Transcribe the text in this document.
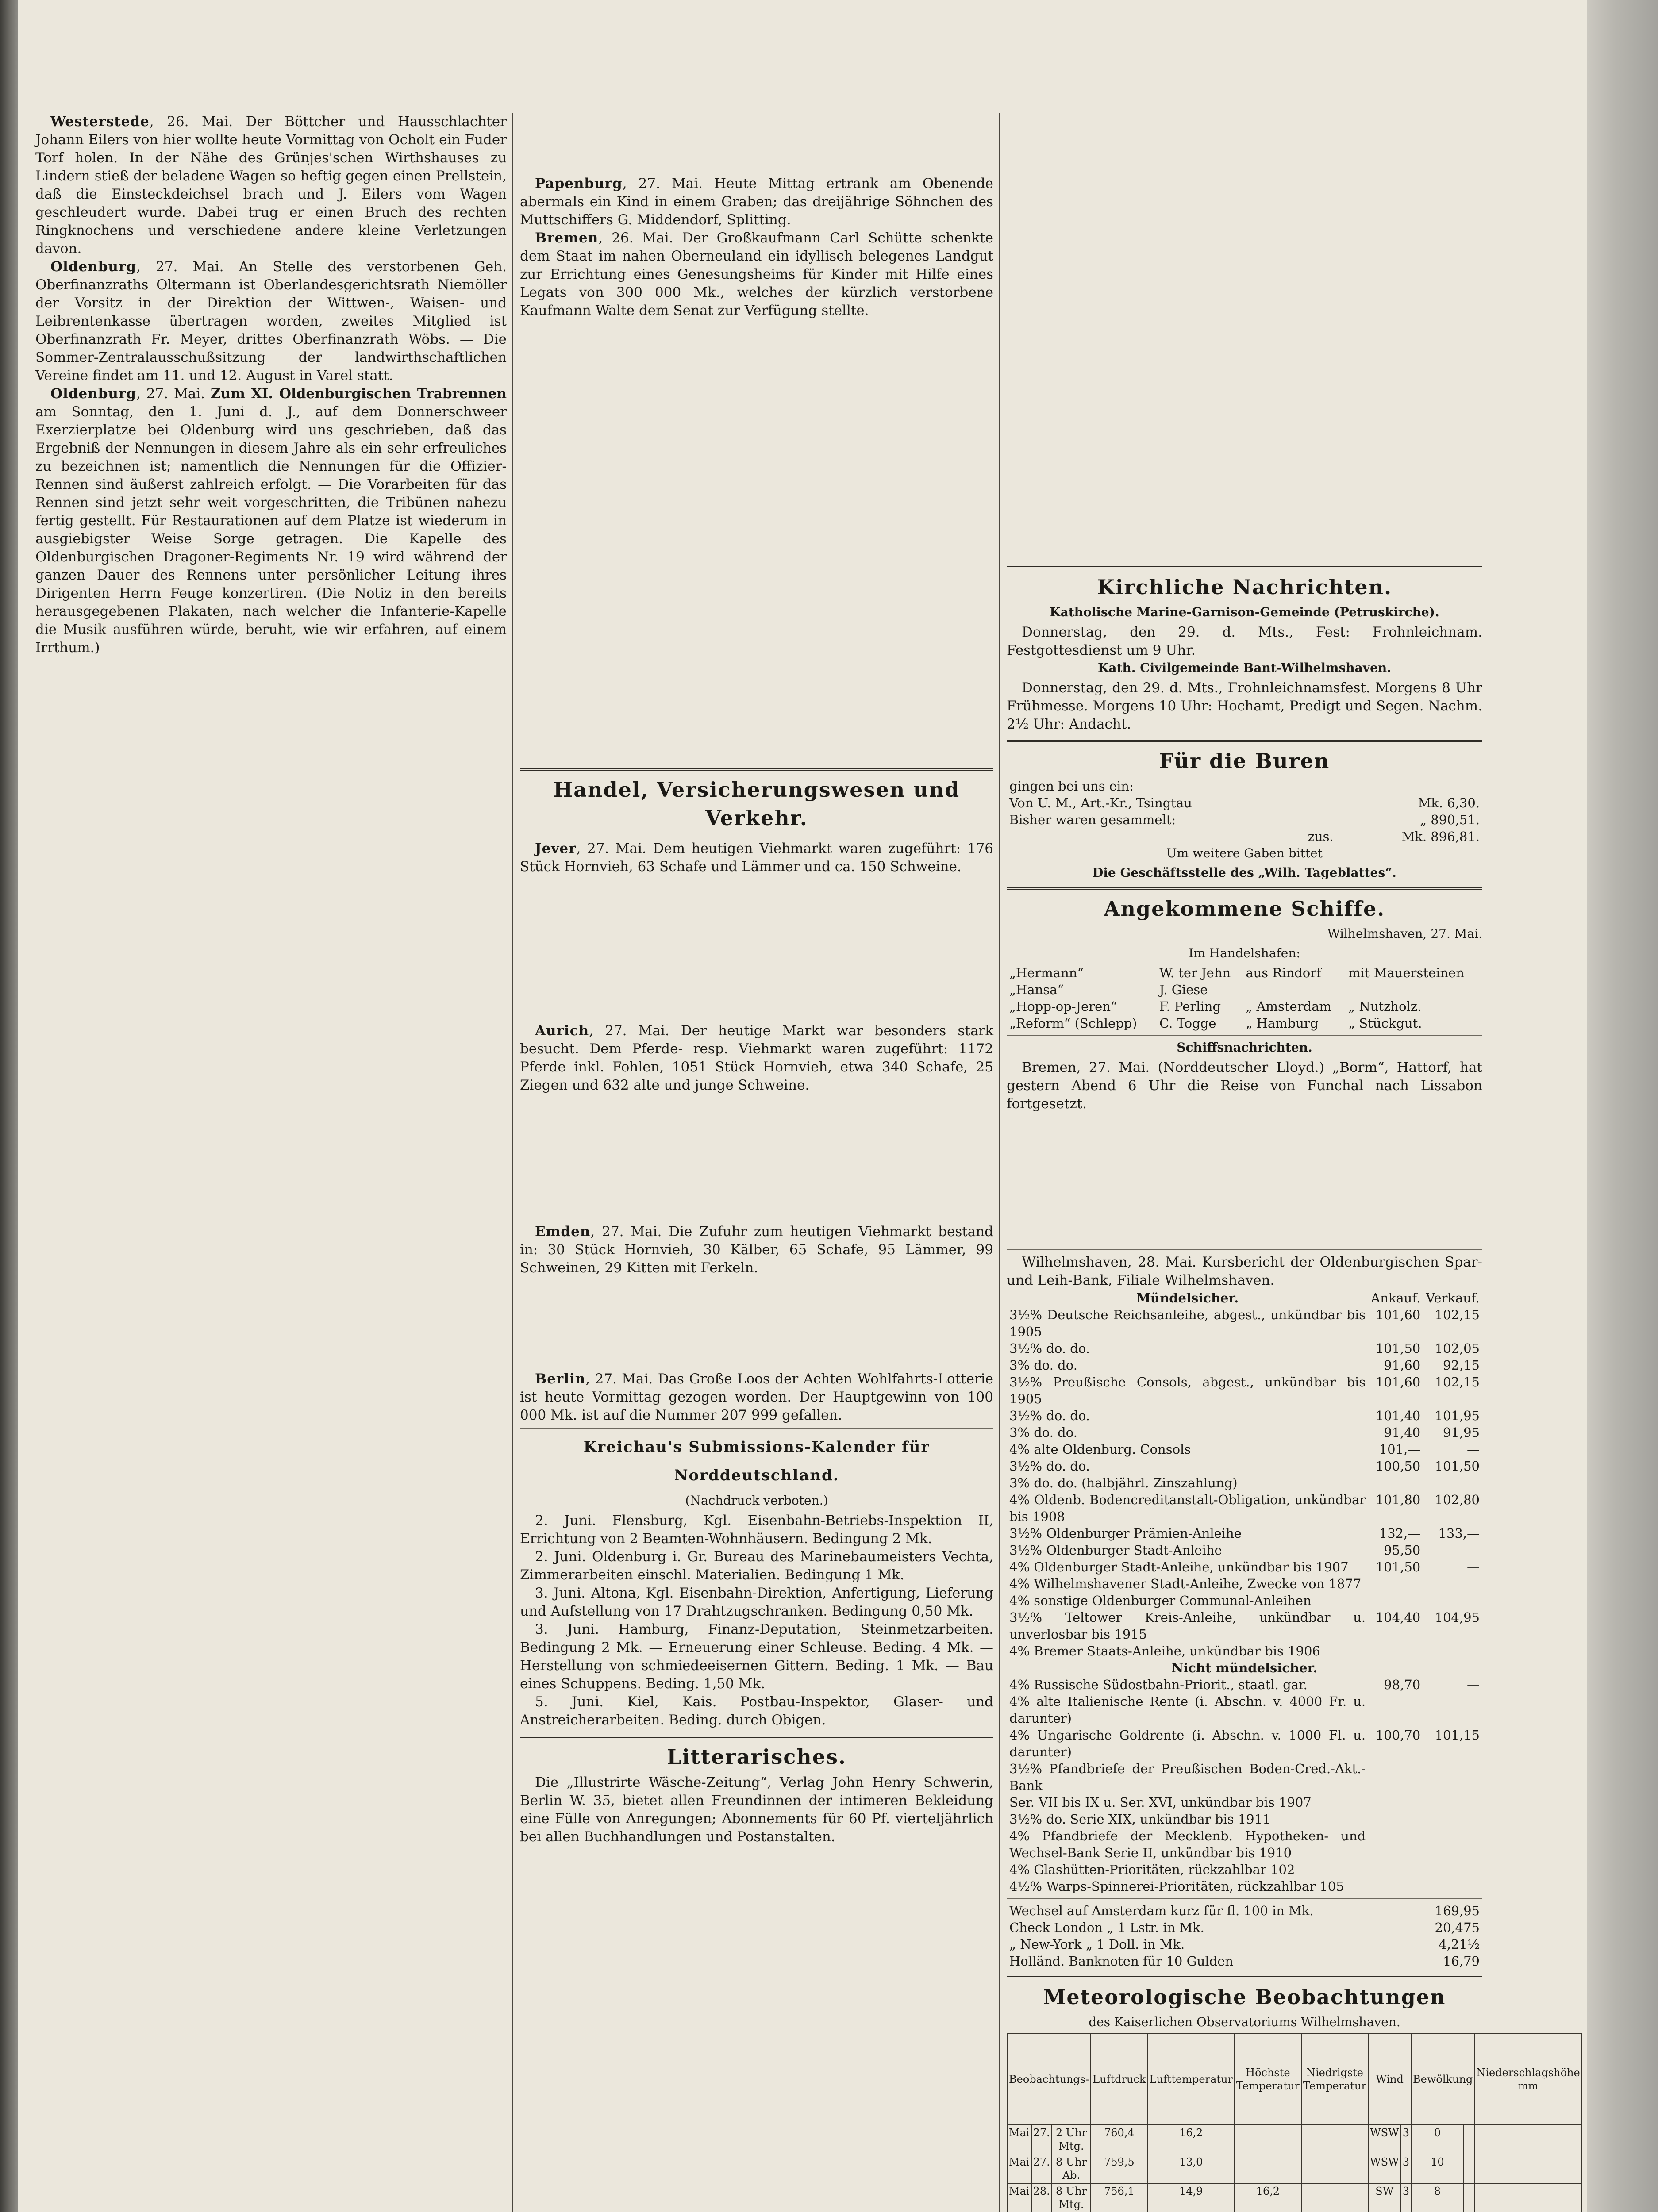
Westerstede, 26. Mai. Der Böttcher und Hausschlachter Johann Eilers von hier wollte heute Vormittag von Ocholt ein Fuder Torf holen. In der Nähe des Grünjes'schen Wirthshauses zu Lindern stieß der beladene Wagen so heftig gegen einen Prellstein, daß die Einsteckdeichsel brach und J. Eilers vom Wagen geschleudert wurde. Dabei trug er einen Bruch des rechten Ringknochens und verschiedene andere kleine Verletzungen davon.

Oldenburg, 27. Mai. An Stelle des verstorbenen Geh. Oberfinanzraths Oltermann ist Oberlandesgerichtsrath Niemöller der Vorsitz in der Direktion der Wittwen-, Waisen- und Leibrentenkasse übertragen worden, zweites Mitglied ist Oberfinanzrath Fr. Meyer, drittes Oberfinanzrath Wöbs. — Die Sommer-Zentralausschußsitzung der landwirthschaftlichen Vereine findet am 11. und 12. August in Varel statt.

Oldenburg, 27. Mai. Zum XI. Oldenburgischen Trabrennen am Sonntag, den 1. Juni d. J., auf dem Donnerschweer Exerzierplatze bei Oldenburg wird uns geschrieben, daß das Ergebniß der Nennungen in diesem Jahre als ein sehr erfreuliches zu bezeichnen ist; namentlich die Nennungen für die Offizier-Rennen sind äußerst zahlreich erfolgt. — Die Vorarbeiten für das Rennen sind jetzt sehr weit vorgeschritten, die Tribünen nahezu fertig gestellt. Für Restaurationen auf dem Platze ist wiederum in ausgiebigster Weise Sorge getragen. Die Kapelle des Oldenburgischen Dragoner-Regiments Nr. 19 wird während der ganzen Dauer des Rennens unter persönlicher Leitung ihres Dirigenten Herrn Feuge konzertiren. (Die Notiz in den bereits herausgegebenen Plakaten, nach welcher die Infanterie-Kapelle die Musik ausführen würde, beruht, wie wir erfahren, auf einem Irrthum.)

Papenburg, 27. Mai. Heute Mittag ertrank am Obenende abermals ein Kind in einem Graben; das dreijährige Söhnchen des Muttschiffers G. Middendorf, Splitting.

Bremen, 26. Mai. Der Großkaufmann Carl Schütte schenkte dem Staat im nahen Oberneuland ein idyllisch belegenes Landgut zur Errichtung eines Genesungsheims für Kinder mit Hilfe eines Legats von 300 000 Mk., welches der kürzlich verstorbene Kaufmann Walte dem Senat zur Verfügung stellte.

Handel, Versicherungswesen und Verkehr.

Jever, 27. Mai. Dem heutigen Viehmarkt waren zugeführt: 176 Stück Hornvieh, 63 Schafe und Lämmer und ca. 150 Schweine.

Aurich, 27. Mai. Der heutige Markt war besonders stark besucht. Dem Pferde- resp. Viehmarkt waren zugeführt: 1172 Pferde inkl. Fohlen, 1051 Stück Hornvieh, etwa 340 Schafe, 25 Ziegen und 632 alte und junge Schweine.

Emden, 27. Mai. Die Zufuhr zum heutigen Viehmarkt bestand in: 30 Stück Hornvieh, 30 Kälber, 65 Schafe, 95 Lämmer, 99 Schweinen, 29 Kitten mit Ferkeln.

Berlin, 27. Mai. Das Große Loos der Achten Wohlfahrts-Lotterie ist heute Vormittag gezogen worden. Der Hauptgewinn von 100 000 Mk. ist auf die Nummer 207 999 gefallen.

Kreichau's Submissions-Kalender für Norddeutschland.
(Nachdruck verboten.)

2. Juni. Flensburg, Kgl. Eisenbahn-Betriebs-Inspektion II, Errichtung von 2 Beamten-Wohnhäusern. Bedingung 2 Mk.

2. Juni. Oldenburg i. Gr. Bureau des Marinebaumeisters Vechta, Zimmerarbeiten einschl. Materialien. Bedingung 1 Mk.

3. Juni. Altona, Kgl. Eisenbahn-Direktion, Anfertigung, Lieferung und Aufstellung von 17 Drahtzugschranken. Bedingung 0,50 Mk.

3. Juni. Hamburg, Finanz-Deputation, Steinmetzarbeiten. Bedingung 2 Mk. — Erneuerung einer Schleuse. Beding. 4 Mk. — Herstellung von schmiedeeisernen Gittern. Beding. 1 Mk. — Bau eines Schuppens. Beding. 1,50 Mk.

5. Juni. Kiel, Kais. Postbau-Inspektor, Glaser- und Anstreicherarbeiten. Beding. durch Obigen.

Litterarisches.

Die „Illustrirte Wäsche-Zeitung“, Verlag John Henry Schwerin, Berlin W. 35, bietet allen Freundinnen der intimeren Bekleidung eine Fülle von Anregungen; Abonnements für 60 Pf. vierteljährlich bei allen Buchhandlungen und Postanstalten.

Kirchliche Nachrichten.

Katholische Marine-Garnison-Gemeinde (Petruskirche).

Donnerstag, den 29. d. Mts., Fest: Frohnleichnam. Festgottesdienst um 9 Uhr.

Kath. Civilgemeinde Bant-Wilhelmshaven.

Donnerstag, den 29. d. Mts., Frohnleichnamsfest. Morgens 8 Uhr Frühmesse. Morgens 10 Uhr: Hochamt, Predigt und Segen. Nachm. 2½ Uhr: Andacht.

Für die Buren
gingen bei uns ein:	
Von U. M., Art.-Kr., Tsingtau	Mk. 6,30.
Bisher waren gesammelt:	„ 890,51.
zus.	Mk. 896,81.

Um weitere Gaben bittet

Die Geschäftsstelle des „Wilh. Tageblattes“.

Angekommene Schiffe.

Wilhelmshaven, 27. Mai.

Im Handelshafen:

„Hermann“	W. ter Jehn	aus Rindorf	mit Mauersteinen
„Hansa“	J. Giese		
„Hopp-op-Jeren“	F. Perling	„ Amsterdam	„ Nutzholz.
„Reform“ (Schlepp)	C. Togge	„ Hamburg	„ Stückgut.

Schiffsnachrichten.

Bremen, 27. Mai. (Norddeutscher Lloyd.) „Borm“, Hattorf, hat gestern Abend 6 Uhr die Reise von Funchal nach Lissabon fortgesetzt.

Wilhelmshaven, 28. Mai. Kursbericht der Oldenburgischen Spar- und Leih-Bank, Filiale Wilhelmshaven.

Mündelsicher.	Ankauf.	Verkauf.
3½% Deutsche Reichsanleihe, abgest., unkündbar bis 1905	101,60	102,15
3½% do. do.	101,50	102,05
3% do. do.	91,60	92,15
3½% Preußische Consols, abgest., unkündbar bis 1905	101,60	102,15
3½% do. do.	101,40	101,95
3% do. do.	91,40	91,95
4% alte Oldenburg. Consols	101,—	—
3½% do. do.	100,50	101,50
3% do. do. (halbjährl. Zinszahlung)		
4% Oldenb. Bodencreditanstalt-Obligation, unkündbar bis 1908	101,80	102,80
3½% Oldenburger Prämien-Anleihe	132,—	133,—
3½% Oldenburger Stadt-Anleihe	95,50	—
4% Oldenburger Stadt-Anleihe, unkündbar bis 1907	101,50	—
4% Wilhelmshavener Stadt-Anleihe, Zwecke von 1877		
4% sonstige Oldenburger Communal-Anleihen		
3½% Teltower Kreis-Anleihe, unkündbar u. unverlosbar bis 1915	104,40	104,95
4% Bremer Staats-Anleihe, unkündbar bis 1906		
Nicht mündelsicher.		
4% Russische Südostbahn-Priorit., staatl. gar.	98,70	—
4% alte Italienische Rente (i. Abschn. v. 4000 Fr. u. darunter)		
4% Ungarische Goldrente (i. Abschn. v. 1000 Fl. u. darunter)	100,70	101,15
3½% Pfandbriefe der Preußischen Boden-Cred.-Akt.-Bank		
Ser. VII bis IX u. Ser. XVI, unkündbar bis 1907		
3½% do. Serie XIX, unkündbar bis 1911		
4% Pfandbriefe der Mecklenb. Hypotheken- und Wechsel-Bank Serie II, unkündbar bis 1910		
4% Glashütten-Prioritäten, rückzahlbar 102		
4½% Warps-Spinnerei-Prioritäten, rückzahlbar 105		
Wechsel auf Amsterdam kurz für fl. 100 in Mk.	169,95
Check London „ 1 Lstr. in Mk.	20,475
„ New-York „ 1 Doll. in Mk.	4,21½
Holländ. Banknoten für 10 Gulden	16,79
Meteorologische Beobachtungen

des Kaiserlichen Observatoriums Wilhelmshaven.

Beobachtungs-			Luftdruck	Lufttemperatur	Höchste Temperatur	Niedrigste Temperatur	Wind		Bewölkung		Niederschlagshöhe
mm
Mai	27.	2 Uhr Mtg.	760,4	16,2			WSW	3	0		
Mai	27.	8 Uhr Ab.	759,5	13,0			WSW	3	10		
Mai	28.	8 Uhr Mtg.	756,1	14,9	16,2		SW	3	8		
